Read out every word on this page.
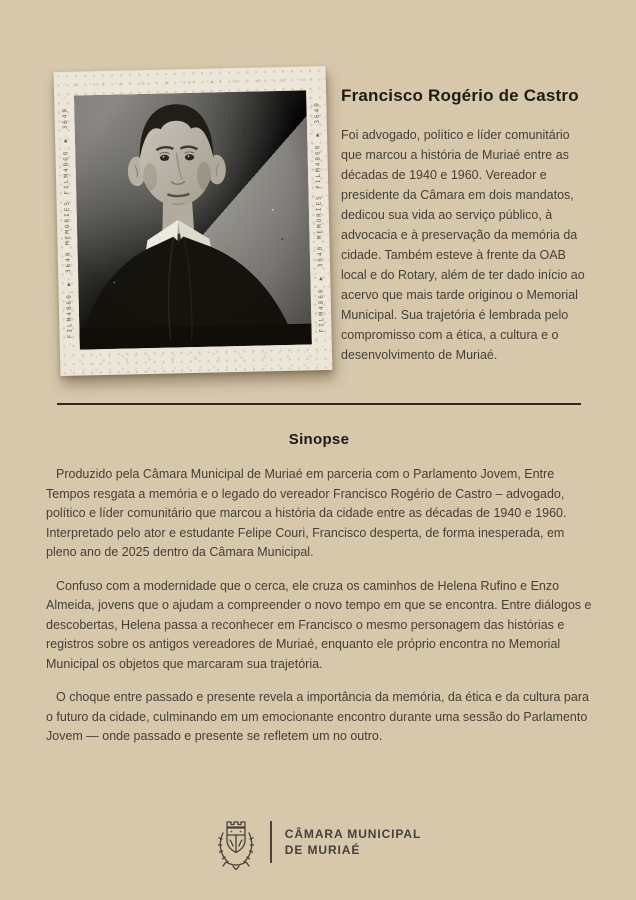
FILM4860 ▼ 3640 MEMORIES FILM4860 ▼ 3640	FILM4860 ▼ 3640 MEMORIES FILM4860 ▼ 3640
Francisco Rogério de Castro

Foi advogado, político e líder comunitário que marcou a história de Muriaé entre as décadas de 1940 e 1960. Vereador e presidente da Câmara em dois mandatos, dedicou sua vida ao serviço público, à advocacia e à preservação da memória da cidade. Também esteve à frente da OAB local e do Rotary, além de ter dado início ao acervo que mais tarde originou o Memorial Municipal. Sua trajetória é lembrada pelo compromisso com a ética, a cultura e o desenvolvimento de Muriaé.

Sinopse

Produzido pela Câmara Municipal de Muriaé em parceria com o Parlamento Jovem, Entre Tempos resgata a memória e o legado do vereador Francisco Rogério de Castro – advogado, político e líder comunitário que marcou a história da cidade entre as décadas de 1940 e 1960. Interpretado pelo ator e estudante Felipe Couri, Francisco desperta, de forma inesperada, em pleno ano de 2025 dentro da Câmara Municipal.

Confuso com a modernidade que o cerca, ele cruza os caminhos de Helena Rufino e Enzo Almeida, jovens que o ajudam a compreender o novo tempo em que se encontra. Entre diálogos e descobertas, Helena passa a reconhecer em Francisco o mesmo personagem das histórias e registros sobre os antigos vereadores de Muriaé, enquanto ele próprio encontra no Memorial Municipal os objetos que marcaram sua trajetória.

O choque entre passado e presente revela a importância da memória, da ética e da cultura para o futuro da cidade, culminando em um emocionante encontro durante uma sessão do Parlamento Jovem — onde passado e presente se refletem um no outro.

CÂMARA MUNICIPAL
DE MURIAÉ
